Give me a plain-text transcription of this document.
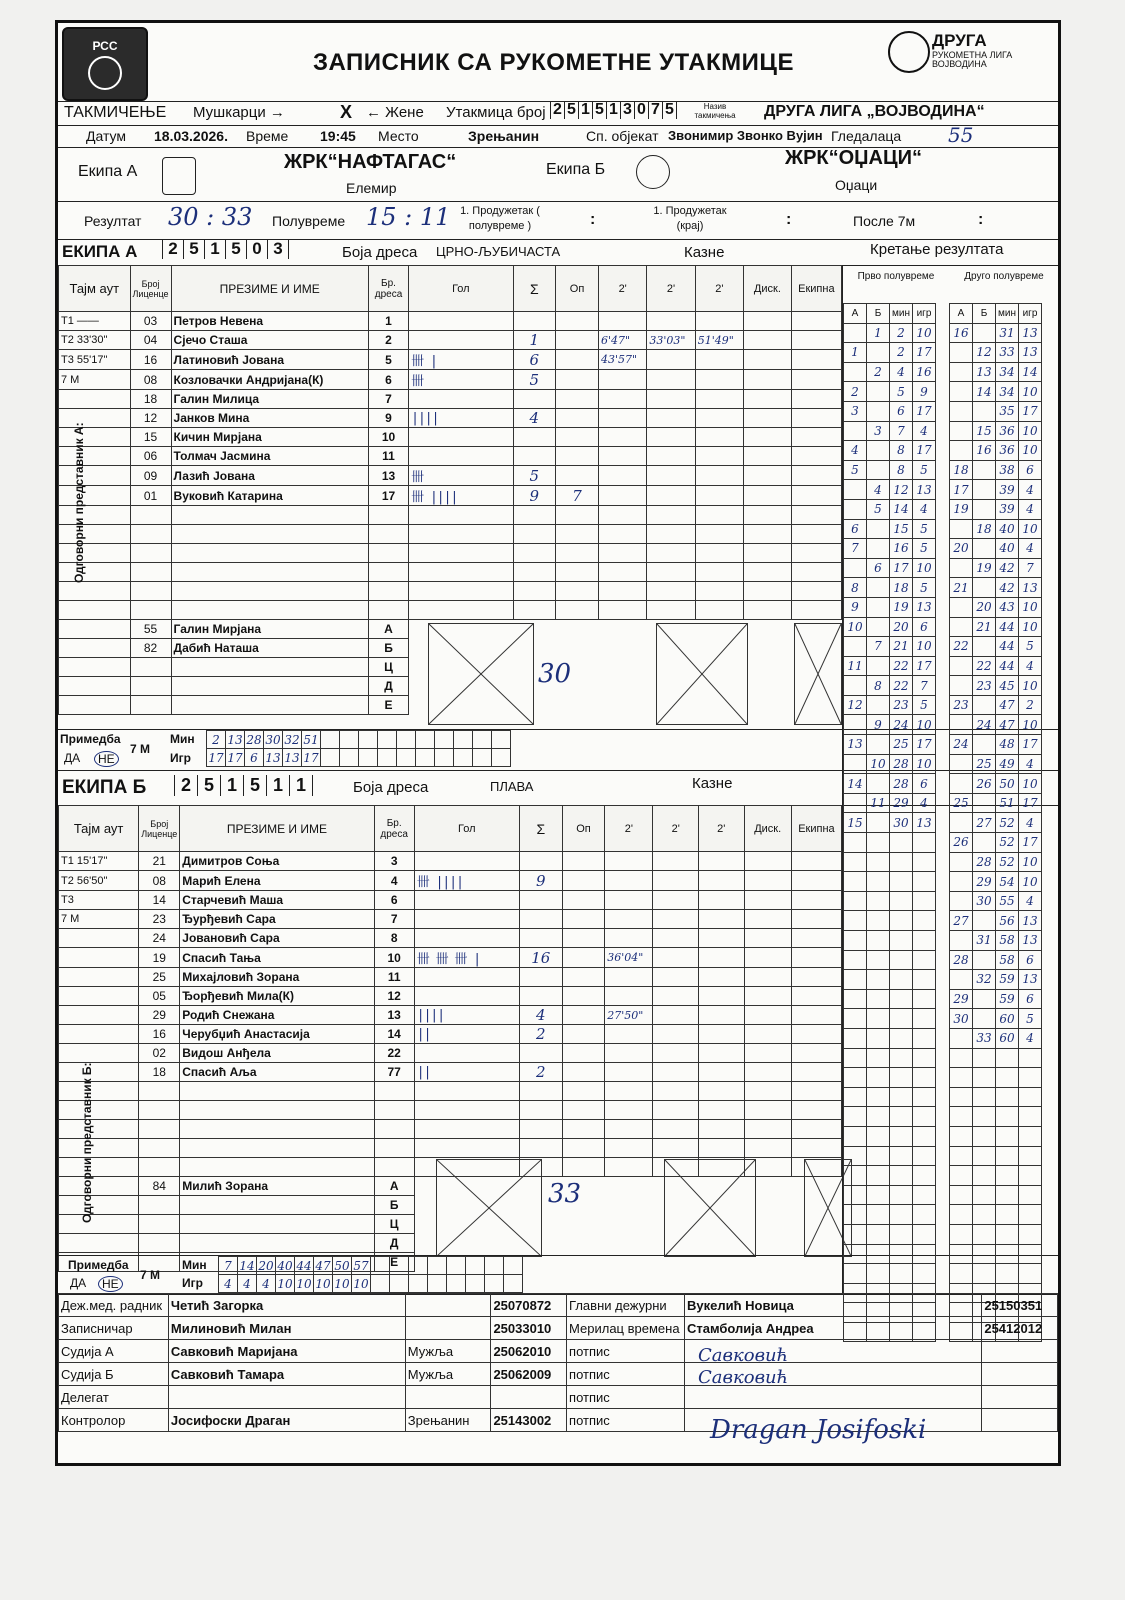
РСС
ЗАПИСНИК СА РУКОМЕТНЕ УТАКМИЦЕ
ДРУГА
РУКОМЕТНА ЛИГА
ВОЈВОДИНА
ТАКМИЧЕЊЕ Мушкарци →	X ← Жене Утакмица број 2 5 1 5 1 3 0 7 5	Назив такмичења ДРУГА ЛИГА „ВОЈВОДИНА“
Датум 18.03.2026. Време 19:45 Место	Зрењанин	Сп. објекат Звонимир Звонко Вујин Гледалаца 55
Екипа А	ЖРК“НАФТАГАС“
Елемир
Екипа Б
ЖРК“ОЏАЦИ“
Оџаци
Резултат 30 : 33 Полувреме 15 : 11 1. Продужетак ( полувреме )	:	1. Продужетак (крај)	:	После 7м	:
ЕКИПА А	2 5 1 5 0 3	Боја дреса ЦРНО-ЉУБИЧАСТА	Казне	Кретање резултата
Тајм аут	Број Лиценце	ПРЕЗИМЕ И ИМЕ	Бр. дреса	Гол	Σ	Оп	2'	2'	2'	Диск.	Екипна
T1 ——	03	Петров Невена	1								
T2 33'30"	04	Сјечо Сташа	2		1		6'47"	33'03"	51'49"		
T3 55'17"	16	Латиновић Јована	5	卌 |	6		43'57"				
7 M	08	Козловачки Андријана(К)	6	卌	5						
	18	Галин Милица	7								
	12	Јанков Мина	9	||||	4						
	15	Кичин Мирјана	10								
	06	Толмач Јасмина	11								
	09	Лазић Јована	13	卌	5						
	01	Вуковић Катарина	17	卌 ||||	9	7					

	55	Галин Мирјана	А								
	82	Дабић Наташа	Б								
			Ц								
			Д								
			Е								
Одговорни представник А:
30
Примедба
ДА	НЕ
7 M
Мин
Игр
2	13	28	30	32	51										
17	17	6	13	13	17										
ЕКИПА Б	2 5 1 5 1 1	Боја дреса	ПЛАВА	Казне
Тајм аут	Број Лиценце	ПРЕЗИМЕ И ИМЕ	Бр. дреса	Гол	Σ	Оп	2'	2'	2'	Диск.	Екипна
T1 15'17"	21	Димитров Соња	3								
T2 56'50"	08	Марић Елена	4	卌 ||||	9						
T3	14	Старчевић Маша	6								
7 M	23	Ђурђевић Сара	7								
	24	Јовановић Сара	8								
	19	Спасић Тања	10	卌 卌 卌 |	16		36'04"				
	25	Михајловић Зорана	11								
	05	Ђорђевић Мила(К)	12								
	29	Родић Снежана	13	||||	4		27'50"				
	16	Черубџић Анастасија	14	||	2						
	02	Видош Анђела	22								
	18	Спасић Аља	77	||	2						

	84	Милић Зорана	А								
			Б								
			Ц								
			Д								
			Е								
Одговорни представник Б:	33
Примедба
ДА	НЕ
7 M
Мин
Игр
7	14	20	40	44	47	50	57								
4	4	4	10	10	10	10	10								
Прво полувреме	Друго полувреме
А	Б	мин	игр
	1	2	10
1		2	17
	2	4	16
2		5	9
3		6	17
	3	7	4
4		8	17
5		8	5
	4	12	13
	5	14	4
6		15	5
7		16	5
	6	17	10
8		18	5
9		19	13
10		20	6
	7	21	10
11		22	17
	8	22	7
12		23	5
	9	24	10
13		25	17
	10	28	10
14		28	6
	11	29	4
15		30	13

А	Б	мин	игр
16		31	13
	12	33	13
	13	34	14
	14	34	10
		35	17
	15	36	10
	16	36	10
18		38	6
17		39	4
19		39	4
	18	40	10
20		40	4
	19	42	7
21		42	13
	20	43	10
	21	44	10
22		44	5
	22	44	4
	23	45	10
23		47	2
	24	47	10
24		48	17
	25	49	4
	26	50	10
25		51	17
	27	52	4
26		52	17
	28	52	10
	29	54	10
	30	55	4
27		56	13
	31	58	13
28		58	6
	32	59	13
29		59	6
30		60	5
	33	60	4

Деж.мед. радник	Четић Загорка		25070872	Главни дежурни	Вукелић Новица	25150351
Записничар	Милиновић Милан		25033010	Мерилац времена	Стамболија Андреа	25412012
Судија А	Савковић Маријана	Мужља	25062010	потпис		
Судија Б	Савковић Тамара	Мужља	25062009	потпис		
Делегат				потпис		
Контролор	Јосифоски Драган	Зрењанин	25143002	потпис		
Савковић Савковић
Dragan Josifoski
